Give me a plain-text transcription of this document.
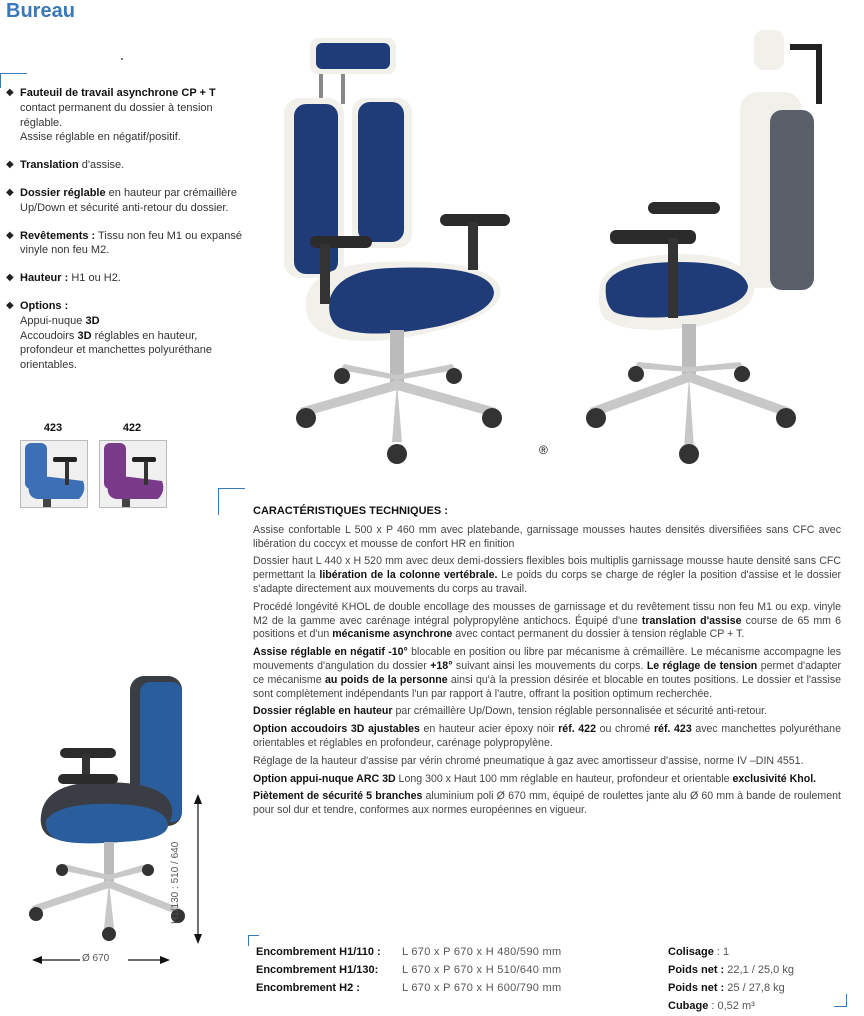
Bureau
◆ Fauteuil de travail asynchrone CP + T contact permanent du dossier à tension réglable.
Assise réglable en négatif/positif.
◆ Translation d'assise.
◆ Dossier réglable en hauteur par crémaillère Up/Down et sécurité anti-retour du dossier.
◆ Revêtements : Tissu non feu M1 ou expansé vinyle non feu M2.
◆ Hauteur : H1 ou H2.
◆ Options :
Appui-nuque 3D
Accoudoirs 3D réglables en hauteur, profondeur et manchettes polyuréthane orientables.
423	422
®
Ø 670
H1/130 : 510 / 640
CARACTÉRISTIQUES TECHNIQUES :

Assise confortable L 500 x P 460 mm avec platebande, garnissage mousses hautes densités diversifiées sans CFC avec libération du coccyx et mousse de confort HR en finition

Dossier haut L 440 x H 520 mm avec deux demi-dossiers flexibles bois multiplis garnissage mousse haute densité sans CFC permettant la libération de la colonne vertébrale. Le poids du corps se charge de régler la position d'assise et le dossier s'adapte directement aux mouvements du corps au travail.

Procédé longévité KHOL de double encollage des mousses de garnissage et du revêtement tissu non feu M1 ou exp. vinyle M2 de la gamme avec carénage intégral polypropylène antichocs. Équipé d'une translation d'assise course de 65 mm 6 positions et d'un mécanisme asynchrone avec contact permanent du dossier à tension réglable CP + T.

Assise réglable en négatif -10° blocable en position ou libre par mécanisme à crémaillère. Le mécanisme accompagne les mouvements d'angulation du dossier +18° suivant ainsi les mouvements du corps. Le réglage de tension permet d'adapter ce mécanisme au poids de la personne ainsi qu'à la pression désirée et blocable en toutes positions. Le dossier et l'assise sont complètement indépendants l'un par rapport à l'autre, offrant la position optimum recherchée.

Dossier réglable en hauteur par crémaillère Up/Down, tension réglable personnalisée et sécurité anti-retour.

Option accoudoirs 3D ajustables en hauteur acier époxy noir réf. 422 ou chromé réf. 423 avec manchettes polyuréthane orientables et réglables en profondeur, carénage polypropylène.

Réglage de la hauteur d'assise par vérin chromé pneumatique à gaz avec amortisseur d'assise, norme IV –DIN 4551.

Option appui-nuque ARC 3D Long 300 x Haut 100 mm réglable en hauteur, profondeur et orientable exclusivité Khol.

Piètement de sécurité 5 branches aluminium poli Ø 670 mm, équipé de roulettes jante alu Ø 60 mm à bande de roulement pour sol dur et tendre, conformes aux normes européennes en vigueur.

Encombrement H1/110 : L 670 x P 670 x H 480/590 mm
Encombrement H1/130: L 670 x P 670 x H 510/640 mm
Encombrement H2 :	L 670 x P 670 x H 600/790 mm
Colisage : 1
Poids net : 22,1 / 25,0 kg
Poids net : 25 / 27,8 kg
Cubage : 0,52 m³
